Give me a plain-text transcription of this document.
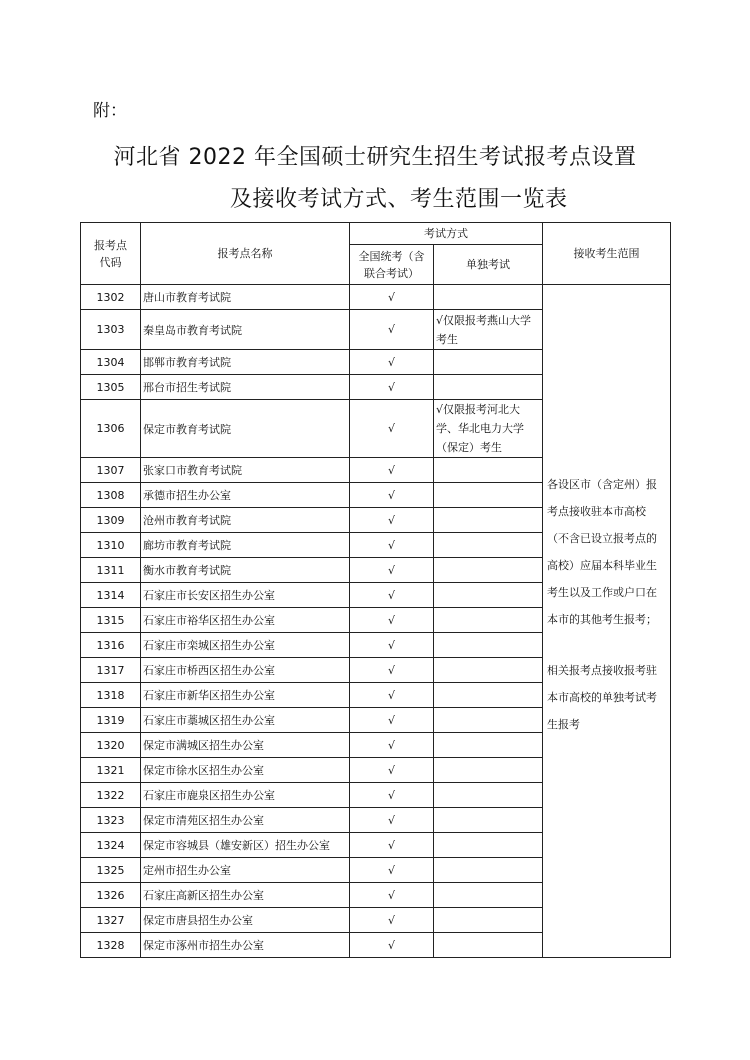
附：
河北省 2022 年全国硕士研究生招生考试报考点设置
及接收考试方式、考生范围一览表
报考点代码	报考点名称	考试方式		接收考生范围
		全国统考（含联合考试）	单独考试	
1302	唐山市教育考试院	√		各设区市（含定州）报考点接收驻本市高校（不含已设立报考点的高校）应届本科毕业生考生以及工作或户口在本市的其他考生报考；
相关报考点接收报考驻本市高校的单独考试考生报考

1303	秦皇岛市教育考试院	√	√仅限报考燕山大学考生	
1304	邯郸市教育考试院	√		
1305	邢台市招生考试院	√		
1306	保定市教育考试院	√	√仅限报考河北大学、华北电力大学（保定）考生	
1307	张家口市教育考试院	√		
1308	承德市招生办公室	√		
1309	沧州市教育考试院	√		
1310	廊坊市教育考试院	√		
1311	衡水市教育考试院	√		
1314	石家庄市长安区招生办公室	√		
1315	石家庄市裕华区招生办公室	√		
1316	石家庄市栾城区招生办公室	√		
1317	石家庄市桥西区招生办公室	√		
1318	石家庄市新华区招生办公室	√		
1319	石家庄市藁城区招生办公室	√		
1320	保定市满城区招生办公室	√		
1321	保定市徐水区招生办公室	√		
1322	石家庄市鹿泉区招生办公室	√		
1323	保定市清苑区招生办公室	√		
1324	保定市容城县（雄安新区）招生办公室	√		
1325	定州市招生办公室	√		
1326	石家庄高新区招生办公室	√		
1327	保定市唐县招生办公室	√		
1328	保定市涿州市招生办公室	√		
